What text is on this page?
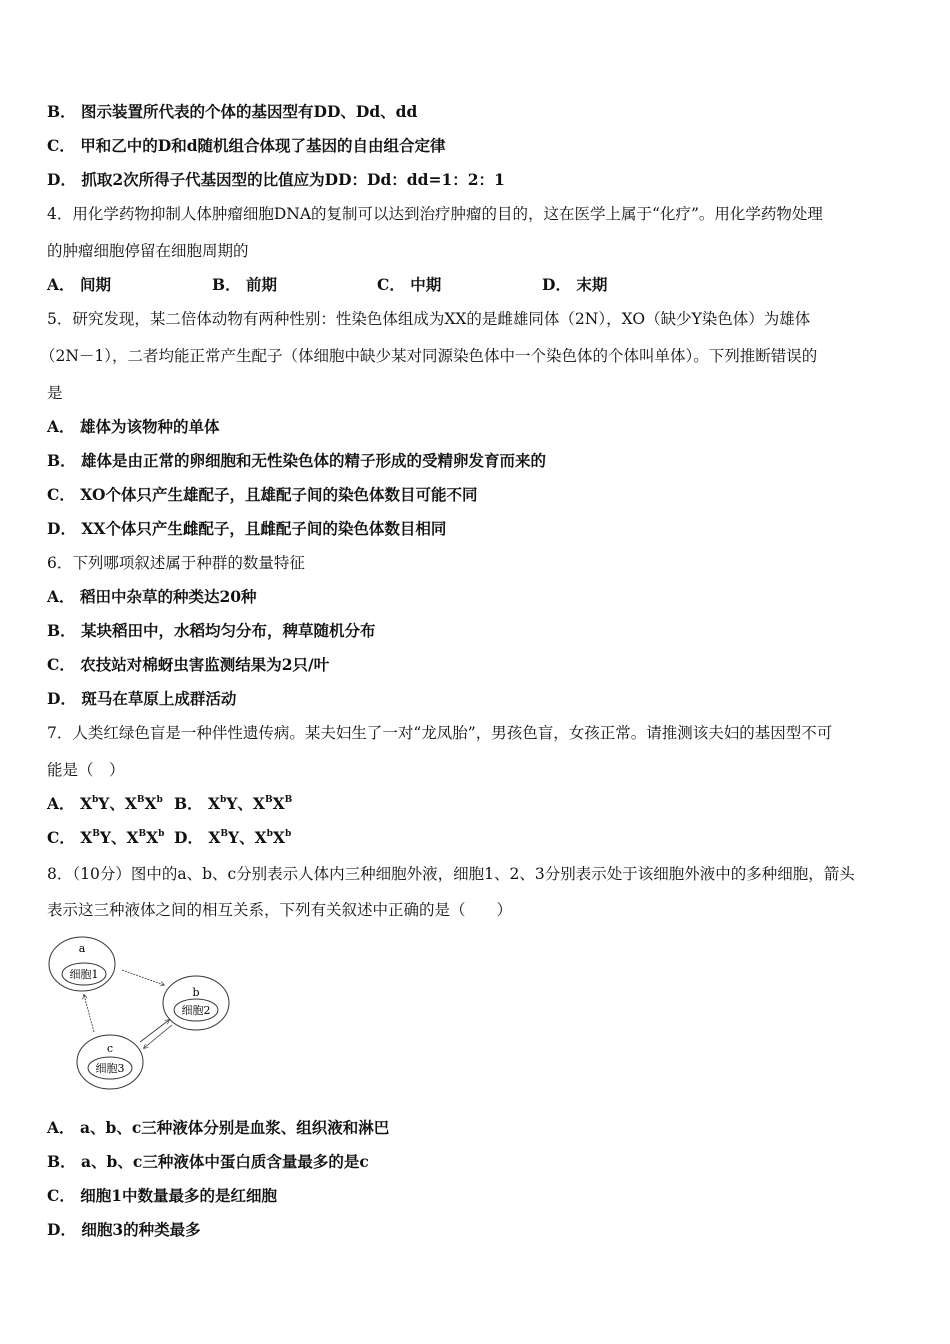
B． 图示装置所代表的个体的基因型有DD、Dd、dd
C． 甲和乙中的D和d随机组合体现了基因的自由组合定律
D． 抓取2次所得子代基因型的比值应为DD：Dd：dd=1：2：1
4．用化学药物抑制人体肿瘤细胞DNA的复制可以达到治疗肿瘤的目的，这在医学上属于“化疗”。用化学药物处理
的肿瘤细胞停留在细胞周期的
A． 间期	B． 前期	C． 中期	D． 末期
5．研究发现，某二倍体动物有两种性别：性染色体组成为XX的是雌雄同体（2N），XO（缺少Y染色体）为雄体
（2N－1），二者均能正常产生配子（体细胞中缺少某对同源染色体中一个染色体的个体叫单体）。下列推断错误的
是
A． 雄体为该物种的单体
B． 雄体是由正常的卵细胞和无性染色体的精子形成的受精卵发育而来的
C． XO个体只产生雄配子，且雄配子间的染色体数目可能不同
D． XX个体只产生雌配子，且雌配子间的染色体数目相同
6．下列哪项叙述属于种群的数量特征
A． 稻田中杂草的种类达20种
B． 某块稻田中，水稻均匀分布，稗草随机分布
C． 农技站对棉蚜虫害监测结果为2只/叶
D． 斑马在草原上成群活动
7．人类红绿色盲是一种伴性遗传病。某夫妇生了一对“龙凤胎”，男孩色盲，女孩正常。请推测该夫妇的基因型不可
能是（　）
A． $X^bY$、$X^BX^b$ B． $X^bY$、$X^BX^B$
C． $X^BY$、$X^BX^b$ D． $X^BY$、$X^bX^b$
8．（10分）图中的a、b、c分别表示人体内三种细胞外液，细胞1、2、3分别表示处于该细胞外液中的多种细胞，箭头
表示这三种液体之间的相互关系，下列有关叙述中正确的是（　　）
a
细胞1
b
细胞2
c
细胞3
A． a、b、c三种液体分别是血浆、组织液和淋巴
B． a、b、c三种液体中蛋白质含量最多的是c
C． 细胞1中数量最多的是红细胞
D． 细胞3的种类最多
